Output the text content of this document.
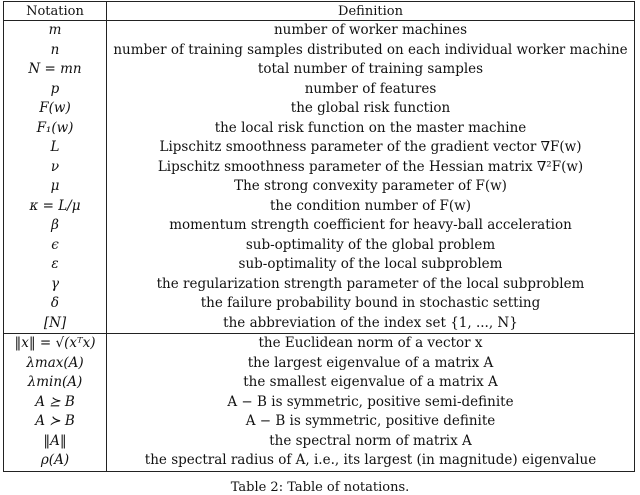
Notation	Definition
m	number of worker machines
n	number of training samples distributed on each individual worker machine
N = mn	total number of training samples
p	number of features
F(w)	the global risk function
F₁(w)	the local risk function on the master machine
L	Lipschitz smoothness parameter of the gradient vector ∇F(w)
ν	Lipschitz smoothness parameter of the Hessian matrix ∇²F(w)
μ	The strong convexity parameter of F(w)
κ = L/μ	the condition number of F(w)
β	momentum strength coefficient for heavy-ball acceleration
ϵ	sub-optimality of the global problem
ε	sub-optimality of the local subproblem
γ	the regularization strength parameter of the local subproblem
δ	the failure probability bound in stochastic setting
[N]	the abbreviation of the index set {1, ..., N}
‖x‖ = √(xᵀx)	the Euclidean norm of a vector x
λmax(A)	the largest eigenvalue of a matrix A
λmin(A)	the smallest eigenvalue of a matrix A
A ⪰ B	A − B is symmetric, positive semi-definite
A ≻ B	A − B is symmetric, positive definite
‖A‖	the spectral norm of matrix A
ρ(A)	the spectral radius of A, i.e., its largest (in magnitude) eigenvalue
Table 2: Table of notations.
